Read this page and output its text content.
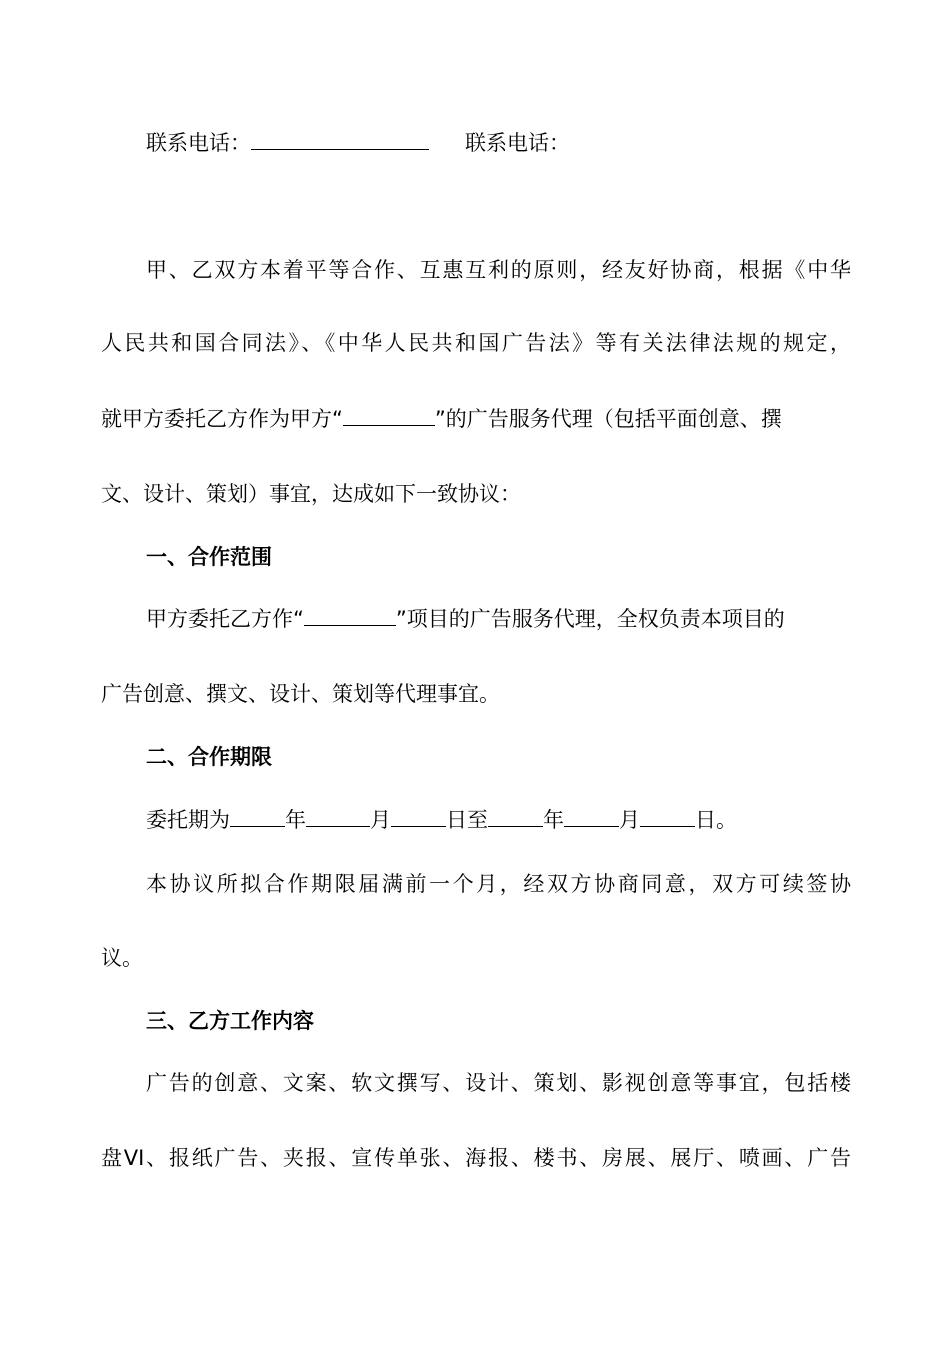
联系电话：	联系电话：
甲、乙双方本着平等合作、互惠互利的原则，经友好协商，根据《中华
人民共和国合同法》、《中华人民共和国广告法》等有关法律法规的规定，
就甲方委托乙方作为甲方“	”的广告服务代理（包括平面创意、撰
文、设计、策划）事宜，达成如下一致协议：
一、合作范围
甲方委托乙方作“	”项目的广告服务代理，全权负责本项目的
广告创意、撰文、设计、策划等代理事宜。
二、合作期限
委托期为	年	月	日至	年	月	日。
本协议所拟合作期限届满前一个月，经双方协商同意，双方可续签协
议。
三、乙方工作内容
广告的创意、文案、软文撰写、设计、策划、影视创意等事宜，包括楼
盘VI、报纸广告、夹报、宣传单张、海报、楼书、房展、展厅、喷画、广告
